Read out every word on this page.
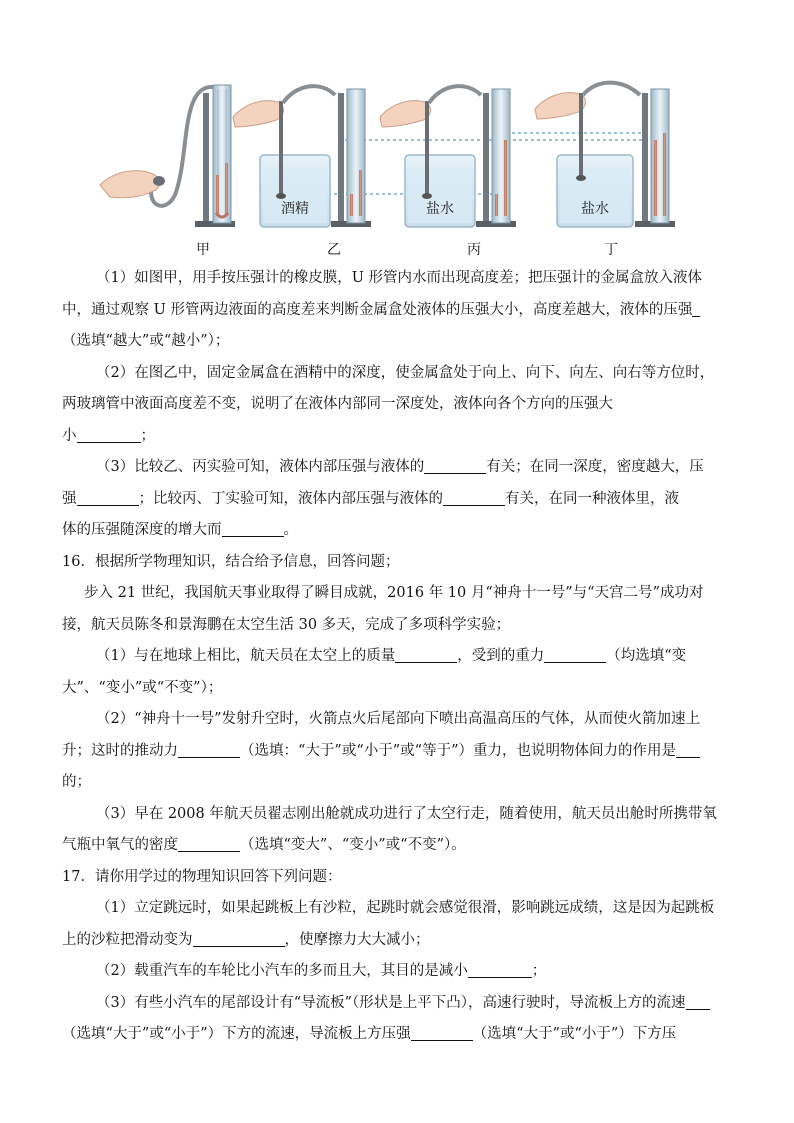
酒精	盐水	盐水
甲	乙	丙	丁

（1）如图甲，用手按压强计的橡皮膜，U 形管内水而出现高度差；把压强计的金属盒放入液体

中，通过观察 U 形管两边液面的高度差来判断金属盒处液体的压强大小，高度差越大，液体的压强

（选填“越大”或“越小”）；

（2）在图乙中，固定金属盒在酒精中的深度，使金属盒处于向上、向下、向左、向右等方位时，

两玻璃管中液面高度差不变，说明了在液体内部同一深度处，液体向各个方向的压强大

小	；

（3）比较乙、丙实验可知，液体内部压强与液体的	有关；在同一深度，密度越大，压

强	；比较丙、丁实验可知，液体内部压强与液体的	有关，在同一种液体里，液

体的压强随深度的增大而	。

16．根据所学物理知识，结合给予信息，回答问题；

步入 21 世纪，我国航天事业取得了瞬目成就，2016 年 10 月“神舟十一号”与“天宫二号”成功对

接，航天员陈冬和景海鹏在太空生活 30 多天，完成了多项科学实验；

（1）与在地球上相比，航天员在太空上的质量	，受到的重力	（均选填“变

大”、“变小”或“不变”）；

（2）“神舟十一号”发射升空时，火箭点火后尾部向下喷出高温高压的气体，从而使火箭加速上

升；这时的推动力	（选填：“大于”或“小于”或“等于”）重力，也说明物体间力的作用是

的；

（3）早在 2008 年航天员翟志刚出舱就成功进行了太空行走，随着使用，航天员出舱时所携带氧

气瓶中氧气的密度	（选填“变大”、“变小”或“不变”）。

17．请你用学过的物理知识回答下列问题：

（1）立定跳远时，如果起跳板上有沙粒，起跳时就会感觉很滑，影响跳远成绩，这是因为起跳板

上的沙粒把滑动变为	，使摩擦力大大减小；

（2）载重汽车的车轮比小汽车的多而且大，其目的是减小	；

（3）有些小汽车的尾部设计有“导流板”（形状是上平下凸），高速行驶时，导流板上方的流速

（选填“大于”或“小于”）下方的流速，导流板上方压强	（选填“大于”或“小于”）下方压
